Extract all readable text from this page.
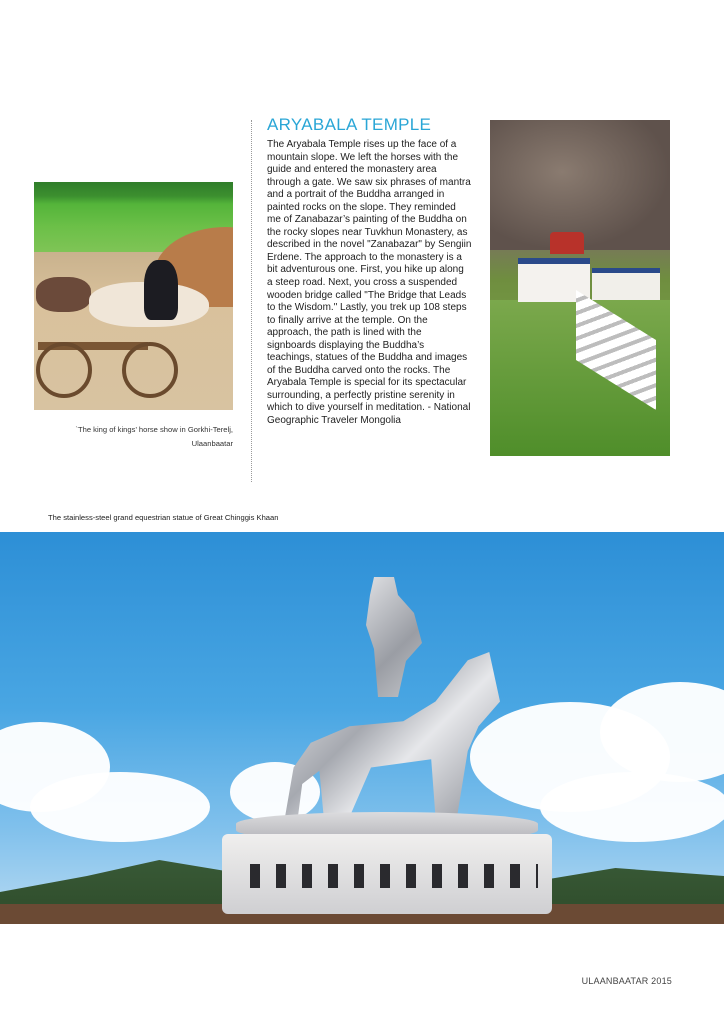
`The king of kings’ horse show in Gorkhi-Terelj,
Ulaanbaatar
ARYABALA TEMPLE

The Aryabala Temple rises up the face of a mountain slope. We left the horses with the guide and entered the monastery area through a gate. We saw six phrases of mantra and a portrait of the Buddha arranged in painted rocks on the slope. They reminded me of Zanabazar’s painting of the Buddha on the rocky slopes near Tuvkhun Monastery, as described in the novel "Zanabazar" by Sengiin Erdene. The approach to the monastery is a bit adventurous one. First, you hike up along a steep road. Next, you cross a suspended wooden bridge called "The Bridge that Leads to the Wisdom." Lastly, you trek up 108 steps to finally arrive at the temple. On the approach, the path is lined with the signboards displaying the Buddha’s teachings, statues of the Buddha and images of the Buddha carved onto the rocks. The Aryabala Temple is special for its spectacular surrounding, a perfectly pristine serenity in which to dive yourself in meditation. - National Geographic Traveler Mongolia

The stainless-steel grand equestrian statue of Great Chinggis Khaan
ULAANBAATAR 2015
